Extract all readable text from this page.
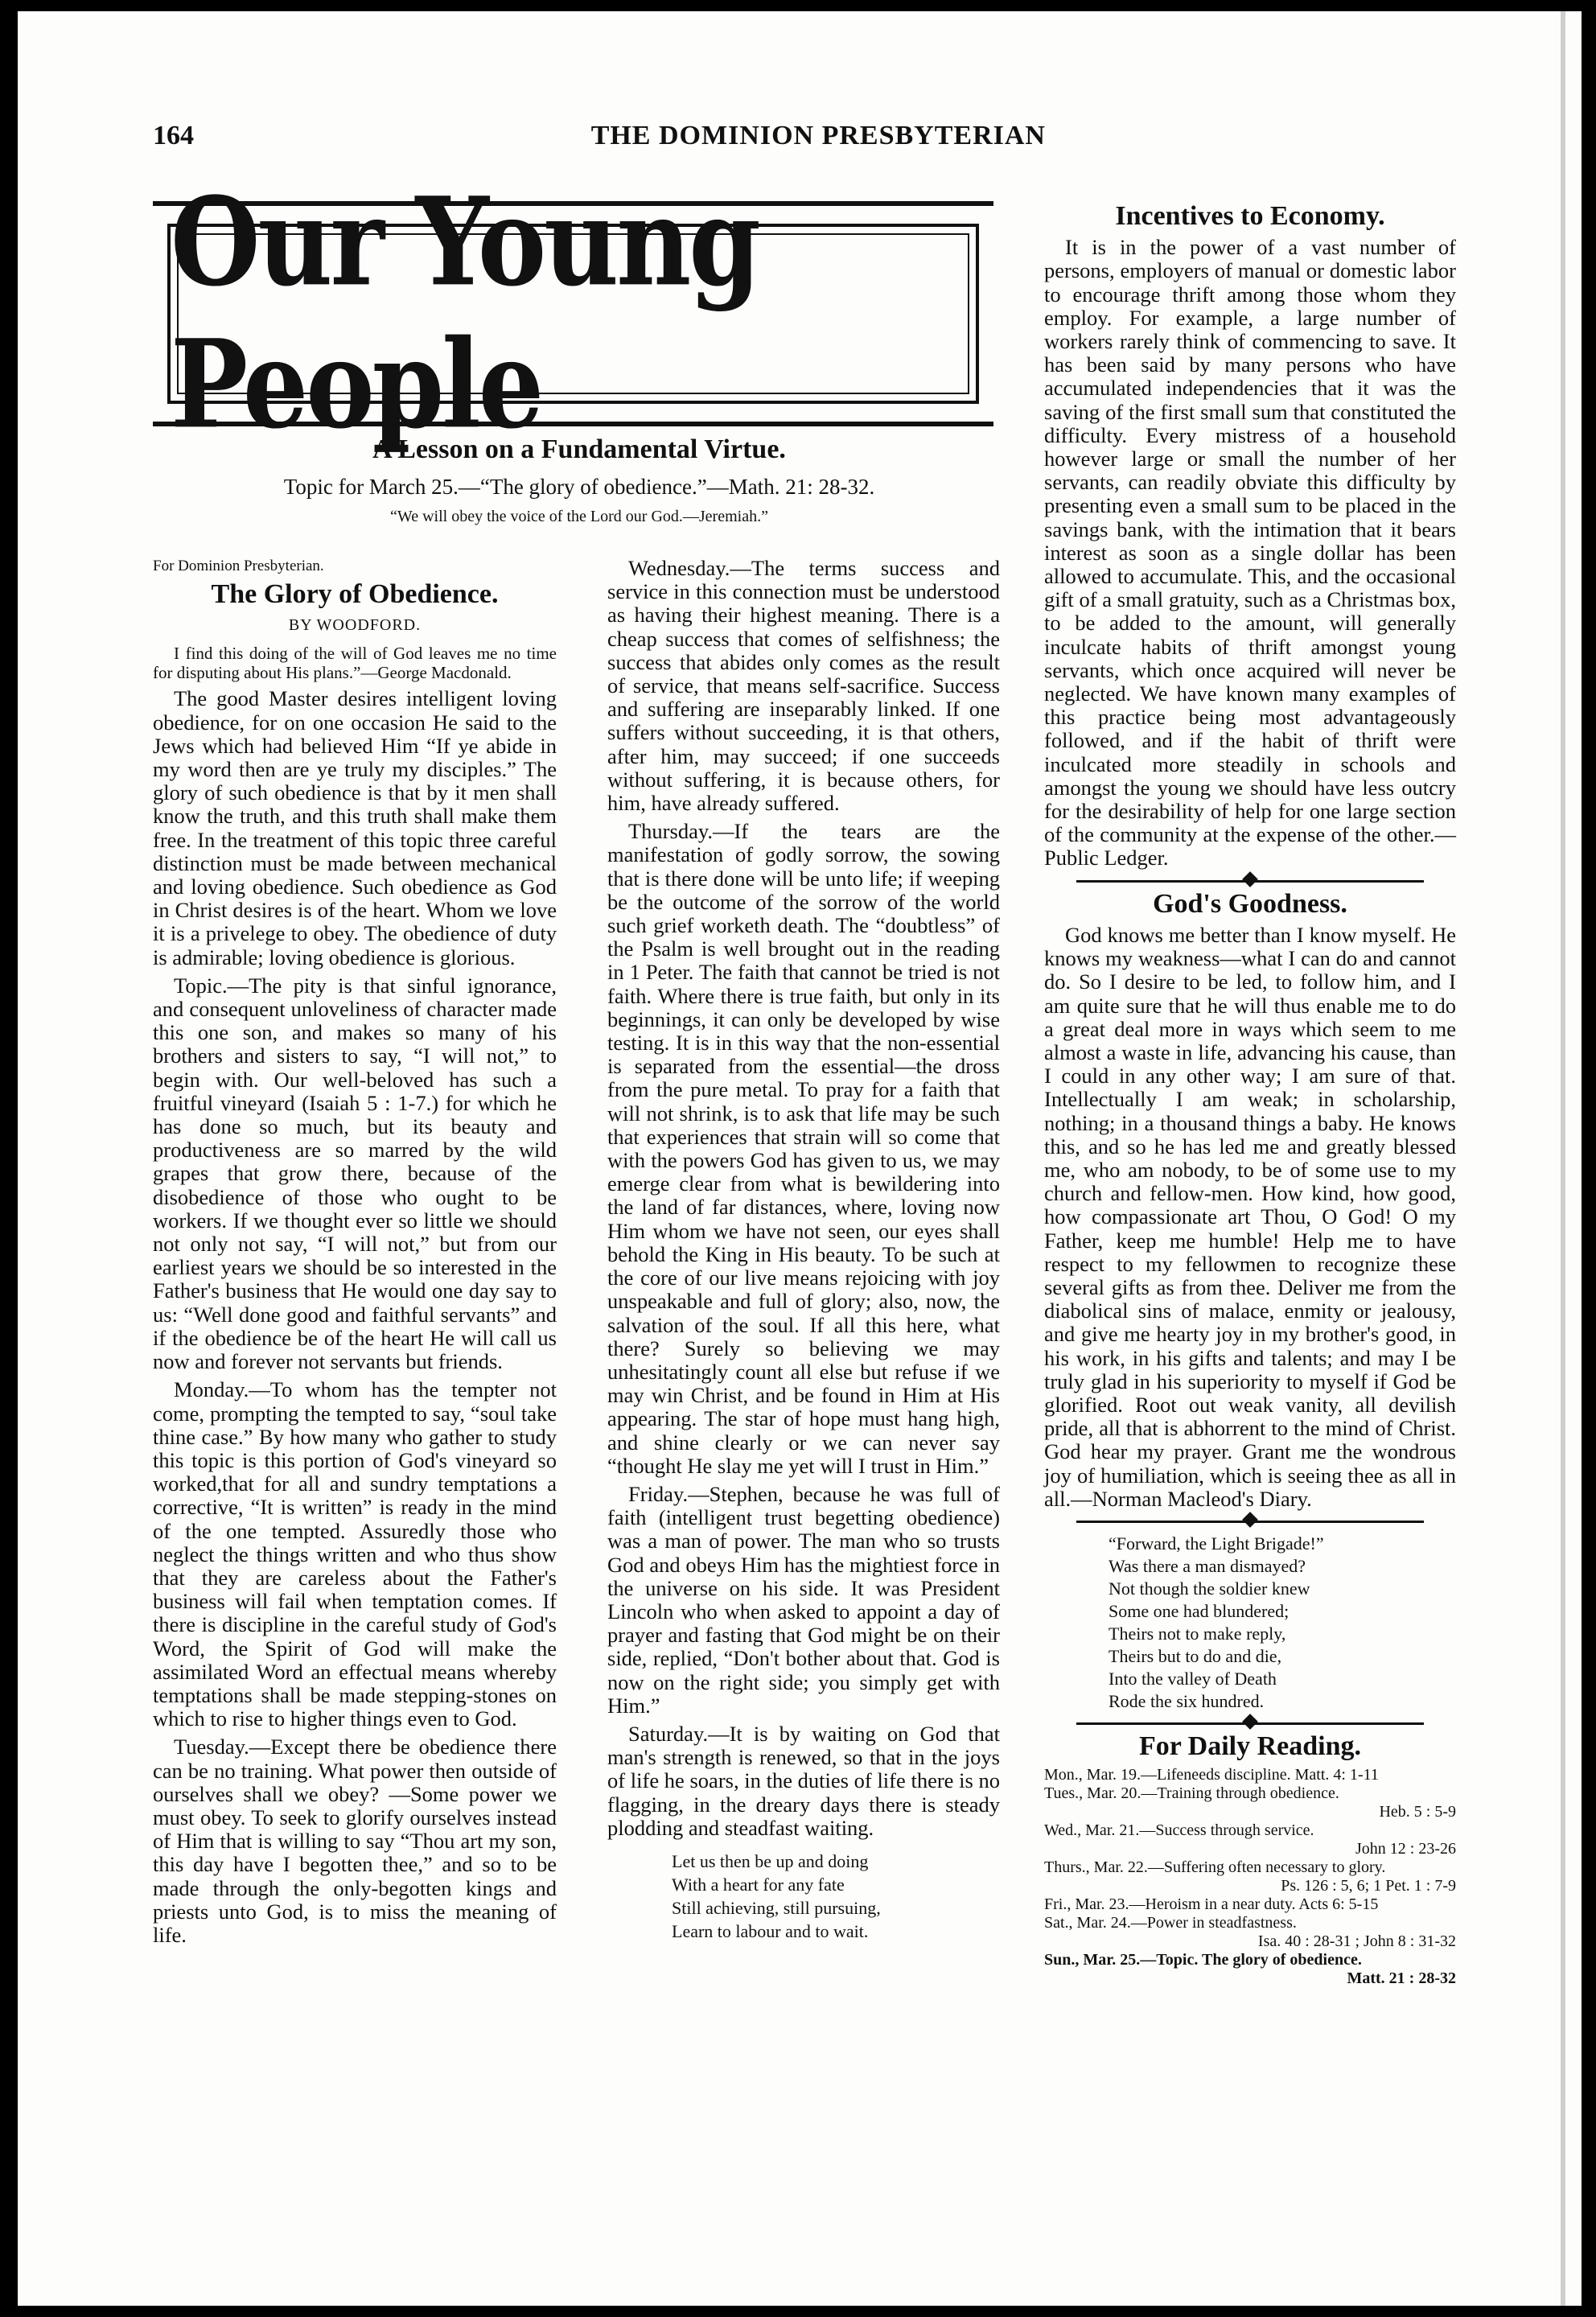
164	THE DOMINION PRESBYTERIAN
Our Young People
A Lesson on a Fundamental Virtue.
Topic for March 25.—“The glory of obedience.”—Math. 21: 28-32.
“We will obey the voice of the Lord our God.—Jeremiah.”
For Dominion Presbyterian.
The Glory of Obedience.
BY WOODFORD.

I find this doing of the will of God leaves me no time for disputing about His plans.”—George Macdonald.

The good Master desires intelligent loving obedience, for on one occasion He said to the Jews which had believed Him “If ye abide in my word then are ye truly my disciples.” The glory of such obedience is that by it men shall know the truth, and this truth shall make them free. In the treatment of this topic three careful distinction must be made between mechanical and loving obedience. Such obedience as God in Christ desires is of the heart. Whom we love it is a privelege to obey. The obedience of duty is admirable; loving obedience is glorious.

Topic.—The pity is that sinful ignorance, and consequent unloveliness of character made this one son, and makes so many of his brothers and sisters to say, “I will not,” to begin with. Our well-beloved has such a fruitful vineyard (Isaiah 5 : 1-7.) for which he has done so much, but its beauty and productiveness are so marred by the wild grapes that grow there, because of the disobedience of those who ought to be workers. If we thought ever so little we should not only not say, “I will not,” but from our earliest years we should be so interested in the Father's business that He would one day say to us: “Well done good and faithful servants” and if the obedience be of the heart He will call us now and forever not servants but friends.

Monday.—To whom has the tempter not come, prompting the tempted to say, “soul take thine case.” By how many who gather to study this topic is this portion of God's vineyard so worked,that for all and sundry temptations a corrective, “It is written” is ready in the mind of the one tempted. Assuredly those who neglect the things written and who thus show that they are careless about the Father's business will fail when temptation comes. If there is discipline in the careful study of God's Word, the Spirit of God will make the assimilated Word an effectual means whereby temptations shall be made stepping-stones on which to rise to higher things even to God.

Tuesday.—Except there be obedience there can be no training. What power then outside of ourselves shall we obey? —Some power we must obey. To seek to glorify ourselves instead of Him that is willing to say “Thou art my son, this day have I begotten thee,” and so to be made through the only-begotten kings and priests unto God, is to miss the meaning of life.

Wednesday.—The terms success and service in this connection must be understood as having their highest meaning. There is a cheap success that comes of selfishness; the success that abides only comes as the result of service, that means self-sacrifice. Success and suffering are inseparably linked. If one suffers without succeeding, it is that others, after him, may succeed; if one succeeds without suffering, it is because others, for him, have already suffered.

Thursday.—If the tears are the manifestation of godly sorrow, the sowing that is there done will be unto life; if weeping be the outcome of the sorrow of the world such grief worketh death. The “doubtless” of the Psalm is well brought out in the reading in 1 Peter. The faith that cannot be tried is not faith. Where there is true faith, but only in its beginnings, it can only be developed by wise testing. It is in this way that the non-essential is separated from the essential—the dross from the pure metal. To pray for a faith that will not shrink, is to ask that life may be such that experiences that strain will so come that with the powers God has given to us, we may emerge clear from what is bewildering into the land of far distances, where, loving now Him whom we have not seen, our eyes shall behold the King in His beauty. To be such at the core of our live means rejoicing with joy unspeakable and full of glory; also, now, the salvation of the soul. If all this here, what there? Surely so believing we may unhesitatingly count all else but refuse if we may win Christ, and be found in Him at His appearing. The star of hope must hang high, and shine clearly or we can never say “thought He slay me yet will I trust in Him.”

Friday.—Stephen, because he was full of faith (intelligent trust begetting obedience) was a man of power. The man who so trusts God and obeys Him has the mightiest force in the universe on his side. It was President Lincoln who when asked to appoint a day of prayer and fasting that God might be on their side, replied, “Don't bother about that. God is now on the right side; you simply get with Him.”

Saturday.—It is by waiting on God that man's strength is renewed, so that in the joys of life he soars, in the duties of life there is no flagging, in the dreary days there is steady plodding and steadfast waiting.

Let us then be up and doing
With a heart for any fate
Still achieving, still pursuing,
Learn to labour and to wait.
Incentives to Economy.

It is in the power of a vast number of persons, employers of manual or domestic labor to encourage thrift among those whom they employ. For example, a large number of workers rarely think of commencing to save. It has been said by many persons who have accumulated independencies that it was the saving of the first small sum that constituted the difficulty. Every mistress of a household however large or small the number of her servants, can readily obviate this difficulty by presenting even a small sum to be placed in the savings bank, with the intimation that it bears interest as soon as a single dollar has been allowed to accumulate. This, and the occasional gift of a small gratuity, such as a Christmas box, to be added to the amount, will generally inculcate habits of thrift amongst young servants, which once acquired will never be neglected. We have known many examples of this practice being most advantageously followed, and if the habit of thrift were inculcated more steadily in schools and amongst the young we should have less outcry for the desirability of help for one large section of the community at the expense of the other.—Public Ledger.

God's Goodness.

God knows me better than I know myself. He knows my weakness—what I can do and cannot do. So I desire to be led, to follow him, and I am quite sure that he will thus enable me to do a great deal more in ways which seem to me almost a waste in life, advancing his cause, than I could in any other way; I am sure of that. Intellectually I am weak; in scholarship, nothing; in a thousand things a baby. He knows this, and so he has led me and greatly blessed me, who am nobody, to be of some use to my church and fellow-men. How kind, how good, how compassionate art Thou, O God! O my Father, keep me humble! Help me to have respect to my fellowmen to recognize these several gifts as from thee. Deliver me from the diabolical sins of malace, enmity or jealousy, and give me hearty joy in my brother's good, in his work, in his gifts and talents; and may I be truly glad in his superiority to myself if God be glorified. Root out weak vanity, all devilish pride, all that is abhorrent to the mind of Christ. God hear my prayer. Grant me the wondrous joy of humiliation, which is seeing thee as all in all.—Norman Macleod's Diary.

“Forward, the Light Brigade!”
Was there a man dismayed?
Not though the soldier knew
Some one had blundered;
Theirs not to make reply,
Theirs but to do and die,
Into the valley of Death
Rode the six hundred.
For Daily Reading.
Mon., Mar. 19.—Lifeneeds discipline. Matt. 4: 1-11
Tues., Mar. 20.—Training through obedience.
Heb. 5 : 5-9
Wed., Mar. 21.—Success through service.
John 12 : 23-26
Thurs., Mar. 22.—Suffering often necessary to glory.
Ps. 126 : 5, 6; 1 Pet. 1 : 7-9
Fri., Mar. 23.—Heroism in a near duty. Acts 6: 5-15
Sat., Mar. 24.—Power in steadfastness.
Isa. 40 : 28-31 ; John 8 : 31-32
Sun., Mar. 25.—Topic. The glory of obedience.
Matt. 21 : 28-32
